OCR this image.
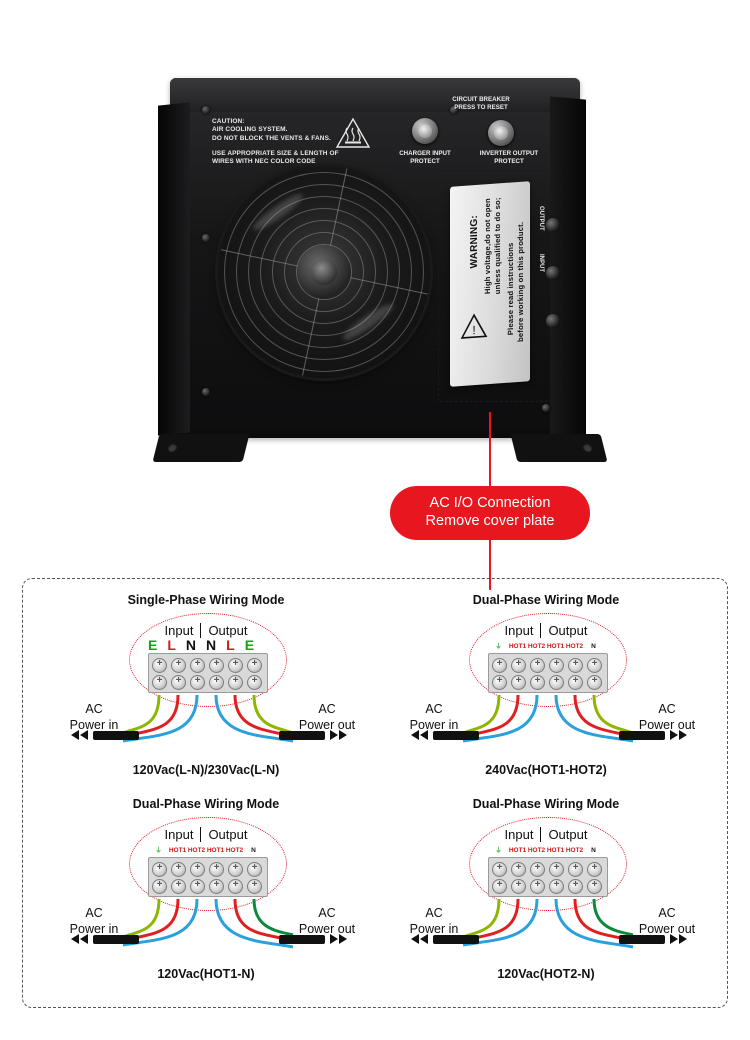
CAUTION:
AIR COOLING SYSTEM.
DO NOT BLOCK THE VENTS & FANS.
USE APPROPRIATE SIZE & LENGTH OF
WIRES WITH NEC COLOR CODE
CIRCUIT BREAKER
PRESS TO RESET
CHARGER INPUT
PROTECT
INVERTER OUTPUT
PROTECT
!
WARNING: High voltage,do not open unless qualified to do so; Please read instructions before working on this product.
OUTPUT
INPUT
AC I/O Connection
Remove cover plate
Single-Phase Wiring Mode
Input Output
ELNNLE
+
+
+
+
+
+
+
+
+
+
+
+
AC
Power in
AC
Power out
120Vac(L-N)/230Vac(L-N)
Dual-Phase Wiring Mode
Input Output
⏚ HOT1 HOT2 HOT1 HOT2 N
+
+
+
+
+
+
+
+
+
+
+
+
AC
Power in
AC
Power out
240Vac(HOT1-HOT2)
Dual-Phase Wiring Mode
Input Output
⏚ HOT1 HOT2 HOT1 HOT2 N
+
+
+
+
+
+
+
+
+
+
+
+
AC
Power in
AC
Power out
120Vac(HOT1-N)
Dual-Phase Wiring Mode
Input Output
⏚ HOT1 HOT2 HOT1 HOT2 N
+
+
+
+
+
+
+
+
+
+
+
+
AC
Power in
AC
Power out
120Vac(HOT2-N)
